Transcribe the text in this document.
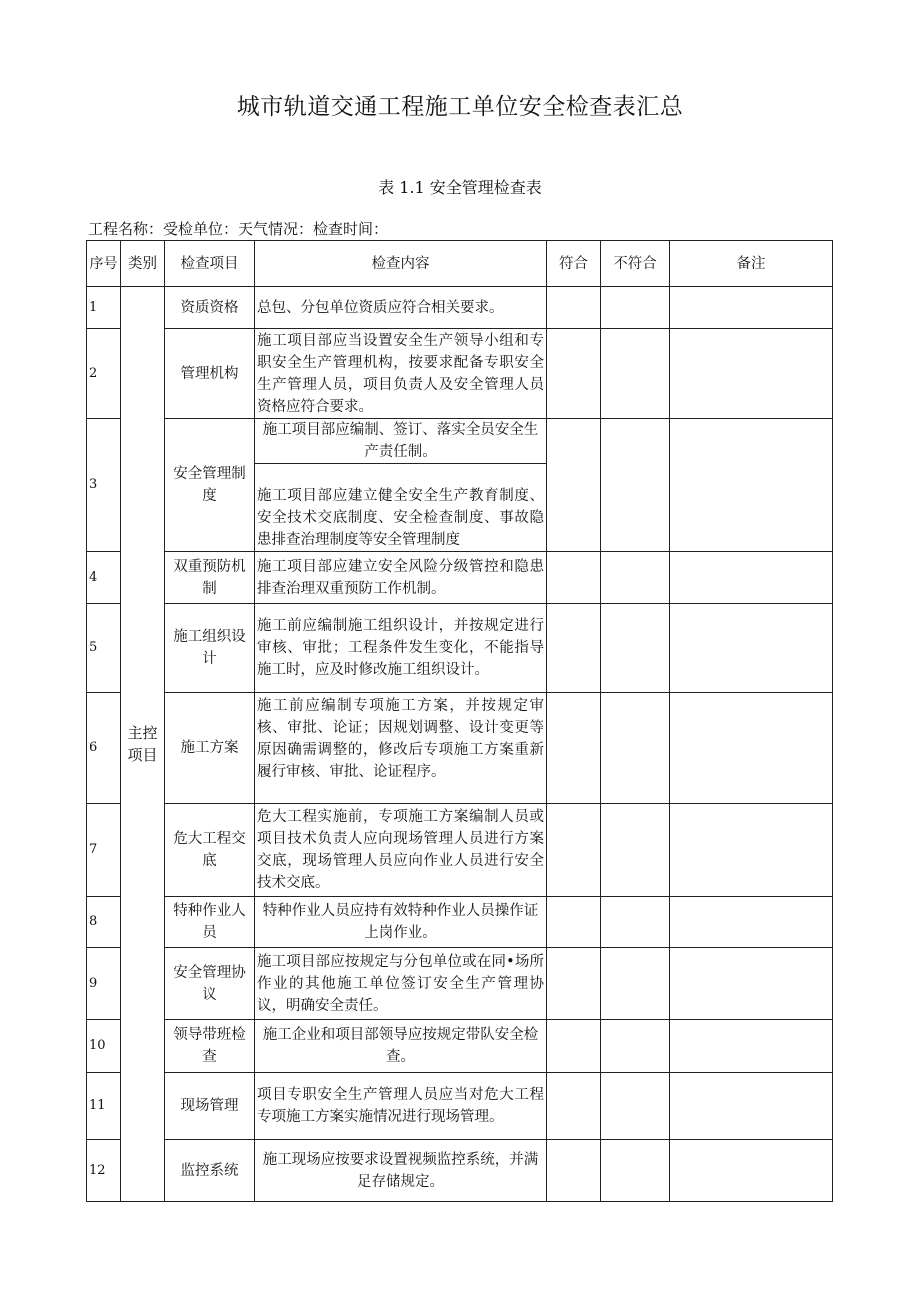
城市轨道交通工程施工单位安全检查表汇总
表 1.1 安全管理检查表
工程名称：受检单位：天气情况：检查时间：
序号	类别	检查项目	检查内容	符合	不符合	备注
1	主控项目	资质资格	总包、分包单位资质应符合相关要求。			
2		管理机构	施工项目部应当设置安全生产领导小组和专职安全生产管理机构，按要求配备专职安全生产管理人员，项目负责人及安全管理人员资格应符合要求。			
3		安全管理制度	施工项目部应编制、签订、落实全员安全生产责任制。			
			施工项目部应建立健全安全生产教育制度、安全技术交底制度、安全检查制度、事故隐患排查治理制度等安全管理制度			
4		双重预防机制	施工项目部应建立安全风险分级管控和隐患排查治理双重预防工作机制。			
5		施工组织设计	施工前应编制施工组织设计，并按规定进行审核、审批；工程条件发生变化，不能指导施工时，应及时修改施工组织设计。			
6		施工方案	施工前应编制专项施工方案，并按规定审核、审批、论证；因规划调整、设计变更等原因确需调整的，修改后专项施工方案重新履行审核、审批、论证程序。			
7		危大工程交底	危大工程实施前，专项施工方案编制人员或项目技术负责人应向现场管理人员进行方案交底，现场管理人员应向作业人员进行安全技术交底。			
8		特种作业人员	特种作业人员应持有效特种作业人员操作证上岗作业。			
9		安全管理协议	施工项目部应按规定与分包单位或在同•场所作业的其他施工单位签订安全生产管理协议，明确安全责任。			
10		领导带班检查	施工企业和项目部领导应按规定带队安全检查。			
11		现场管理	项目专职安全生产管理人员应当对危大工程专项施工方案实施情况进行现场管理。			
12		监控系统	施工现场应按要求设置视频监控系统，并满足存储规定。			
